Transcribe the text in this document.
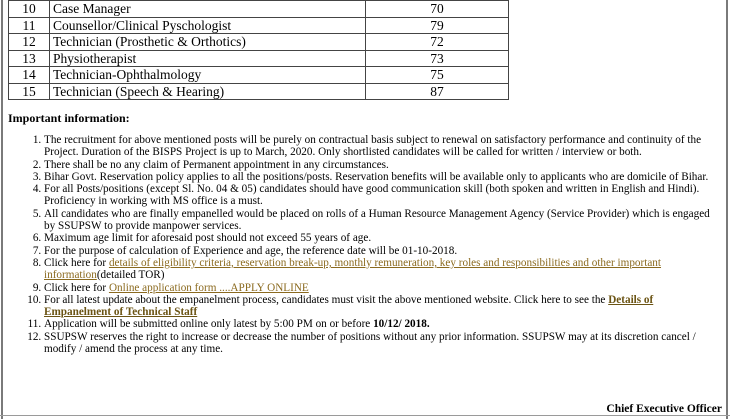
10	Case Manager	70
11	Counsellor/Clinical Pyschologist	79
12	Technician (Prosthetic & Orthotics)	72
13	Physiotherapist	73
14	Technician-Ophthalmology	75
15	Technician (Speech & Hearing)	87
Important information:
1. The recruitment for above mentioned posts will be purely on contractual basis subject to renewal on satisfactory performance and continuity of the Project. Duration of the BISPS Project is up to March, 2020. Only shortlisted candidates will be called for written / interview or both.
2. There shall be no any claim of Permanent appointment in any circumstances.
3. Bihar Govt. Reservation policy applies to all the positions/posts. Reservation benefits will be available only to applicants who are domicile of Bihar.
4. For all Posts/positions (except Sl. No. 04 & 05) candidates should have good communication skill (both spoken and written in English and Hindi). Proficiency in working with MS office is a must.
5. All candidates who are finally empanelled would be placed on rolls of a Human Resource Management Agency (Service Provider) which is engaged by SSUPSW to provide manpower services.
6. Maximum age limit for aforesaid post should not exceed 55 years of age.
7. For the purpose of calculation of Experience and age, the reference date will be 01-10-2018.
8. Click here for details of eligibility criteria, reservation break-up, monthly remuneration, key roles and responsibilities and other important information(detailed TOR)
9. Click here for Online application form ....APPLY ONLINE
10. For all latest update about the empanelment process, candidates must visit the above mentioned website. Click here to see the Details of Empanelment of Technical Staff
11. Application will be submitted online only latest by 5:00 PM on or before 10/12/ 2018.
12. SSUPSW reserves the right to increase or decrease the number of positions without any prior information. SSUPSW may at its discretion cancel / modify / amend the process at any time.
Chief Executive Officer
